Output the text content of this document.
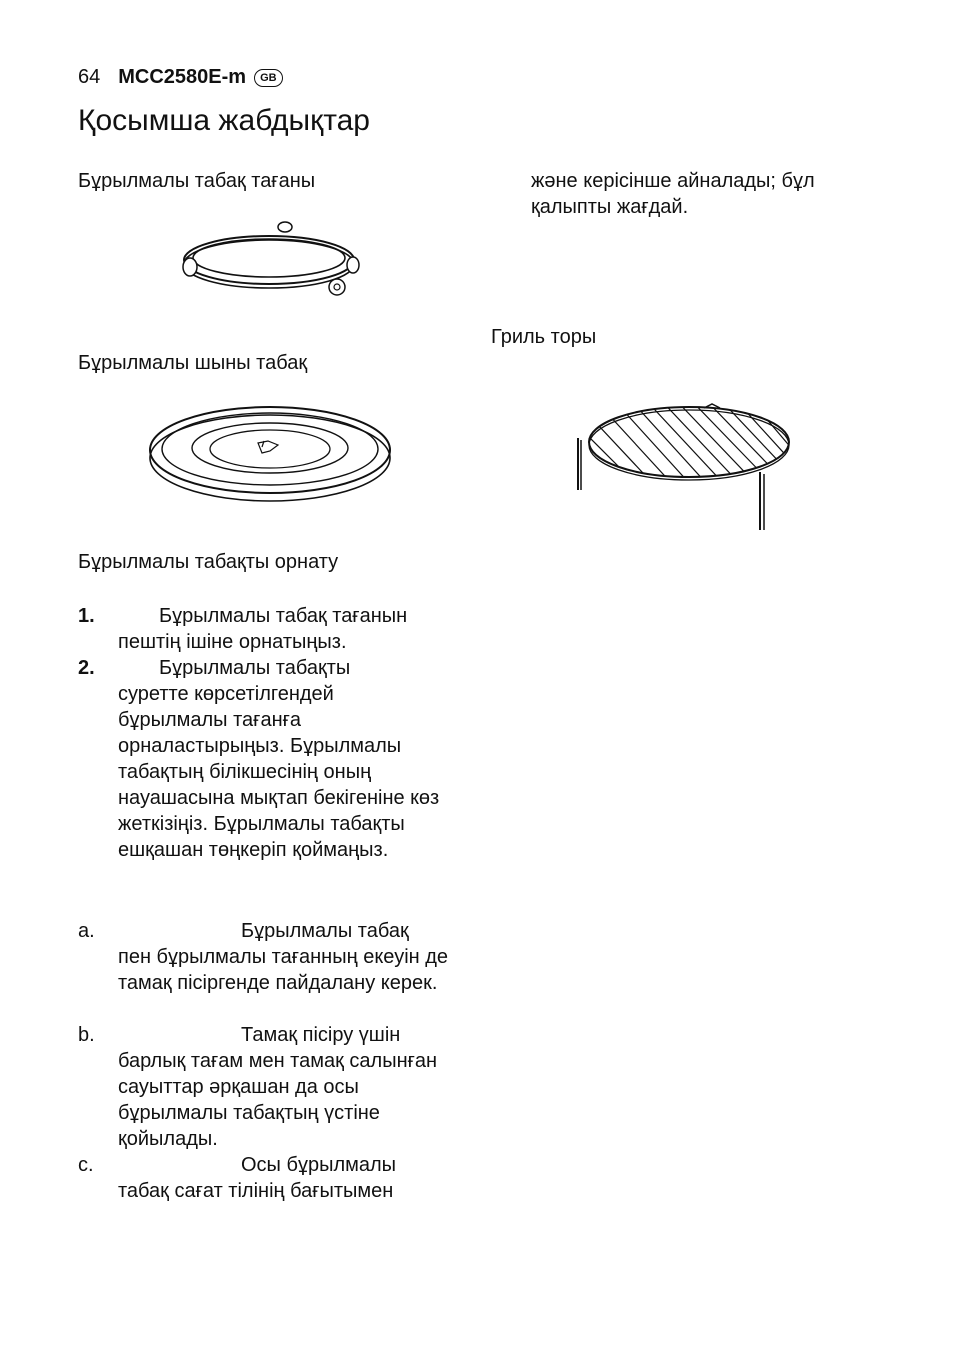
64 MCC2580E-m	GB
Қосымша жабдықтар
Бұрылмалы табақ тағаны
Бұрылмалы шыны табақ
Бұрылмалы табақты орнату
1.	Бұрылмалы табақ тағанын
пештің ішіне орнатыңыз.
2.	Бұрылмалы табақты
суретте көрсетілгендей бұрылмалы тағанға орналастырыңыз. Бұрылмалы табақтың білікшесінің оның науашасына мықтап бекігеніне көз жеткізіңіз. Бұрылмалы табақты ешқашан төңкеріп қоймаңыз.
a.	Бұрылмалы табақ
пен бұрылмалы тағанның екеуін де тамақ пісіргенде пайдалану керек.
b.	Тамақ пісіру үшін
барлық тағам мен тамақ салынған сауыттар әрқашан да осы бұрылмалы табақтың үстіне қойылады.
c.	Осы бұрылмалы
табақ сағат тілінің бағытымен
және керісінше айналады; бұл қалыпты жағдай.
Гриль торы
